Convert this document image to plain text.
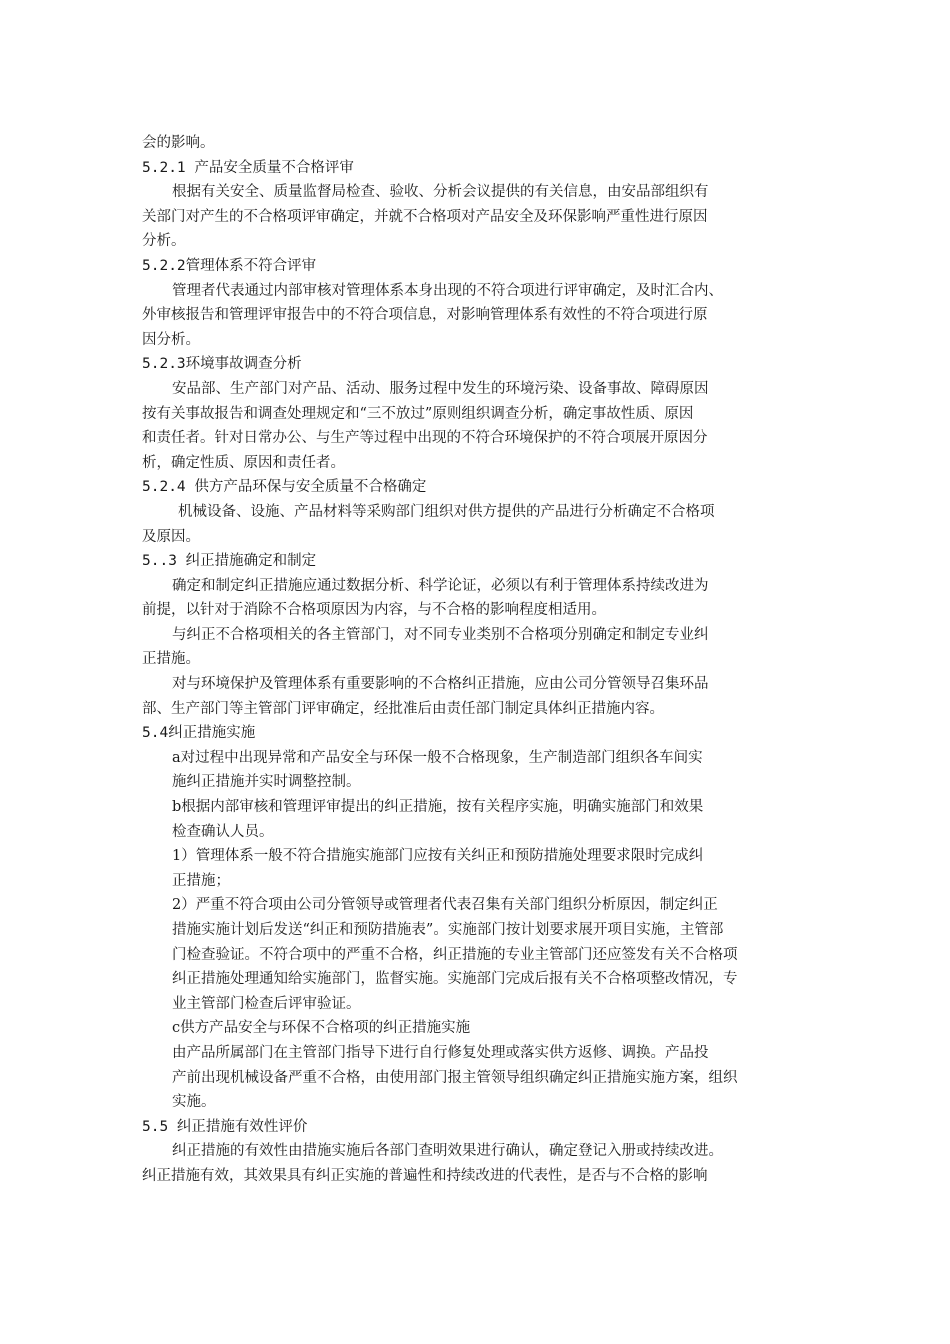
会的影响。
5.2.1 产品安全质量不合格评审
根据有关安全、质量监督局检查、验收、分析会议提供的有关信息，由安品部组织有
关部门对产生的不合格项评审确定，并就不合格项对产品安全及环保影响严重性进行原因
分析。
5.2.2管理体系不符合评审
管理者代表通过内部审核对管理体系本身出现的不符合项进行评审确定，及时汇合内、
外审核报告和管理评审报告中的不符合项信息，对影响管理体系有效性的不符合项进行原
因分析。
5.2.3环境事故调查分析
安品部、生产部门对产品、活动、服务过程中发生的环境污染、设备事故、障碍原因
按有关事故报告和调查处理规定和“三不放过”原则组织调查分析，确定事故性质、原因
和责任者。针对日常办公、与生产等过程中出现的不符合环境保护的不符合项展开原因分
析，确定性质、原因和责任者。
5.2.4 供方产品环保与安全质量不合格确定
机械设备、设施、产品材料等采购部门组织对供方提供的产品进行分析确定不合格项
及原因。
5..3 纠正措施确定和制定
确定和制定纠正措施应通过数据分析、科学论证，必须以有利于管理体系持续改进为
前提，以针对于消除不合格项原因为内容，与不合格的影响程度相适用。
与纠正不合格项相关的各主管部门，对不同专业类别不合格项分别确定和制定专业纠
正措施。
对与环境保护及管理体系有重要影响的不合格纠正措施，应由公司分管领导召集环品
部、生产部门等主管部门评审确定，经批准后由责任部门制定具体纠正措施内容。
5.4纠正措施实施
a对过程中出现异常和产品安全与环保一般不合格现象，生产制造部门组织各车间实
施纠正措施并实时调整控制。
b根据内部审核和管理评审提出的纠正措施，按有关程序实施，明确实施部门和效果
检查确认人员。
1）管理体系一般不符合措施实施部门应按有关纠正和预防措施处理要求限时完成纠
正措施；
2）严重不符合项由公司分管领导或管理者代表召集有关部门组织分析原因，制定纠正
措施实施计划后发送“纠正和预防措施表”。实施部门按计划要求展开项目实施，主管部
门检查验证。不符合项中的严重不合格，纠正措施的专业主管部门还应签发有关不合格项
纠正措施处理通知给实施部门，监督实施。实施部门完成后报有关不合格项整改情况，专
业主管部门检查后评审验证。
c供方产品安全与环保不合格项的纠正措施实施
由产品所属部门在主管部门指导下进行自行修复处理或落实供方返修、调换。产品投
产前出现机械设备严重不合格，由使用部门报主管领导组织确定纠正措施实施方案，组织
实施。
5.5 纠正措施有效性评价
纠正措施的有效性由措施实施后各部门查明效果进行确认，确定登记入册或持续改进。
纠正措施有效，其效果具有纠正实施的普遍性和持续改进的代表性，是否与不合格的影响
